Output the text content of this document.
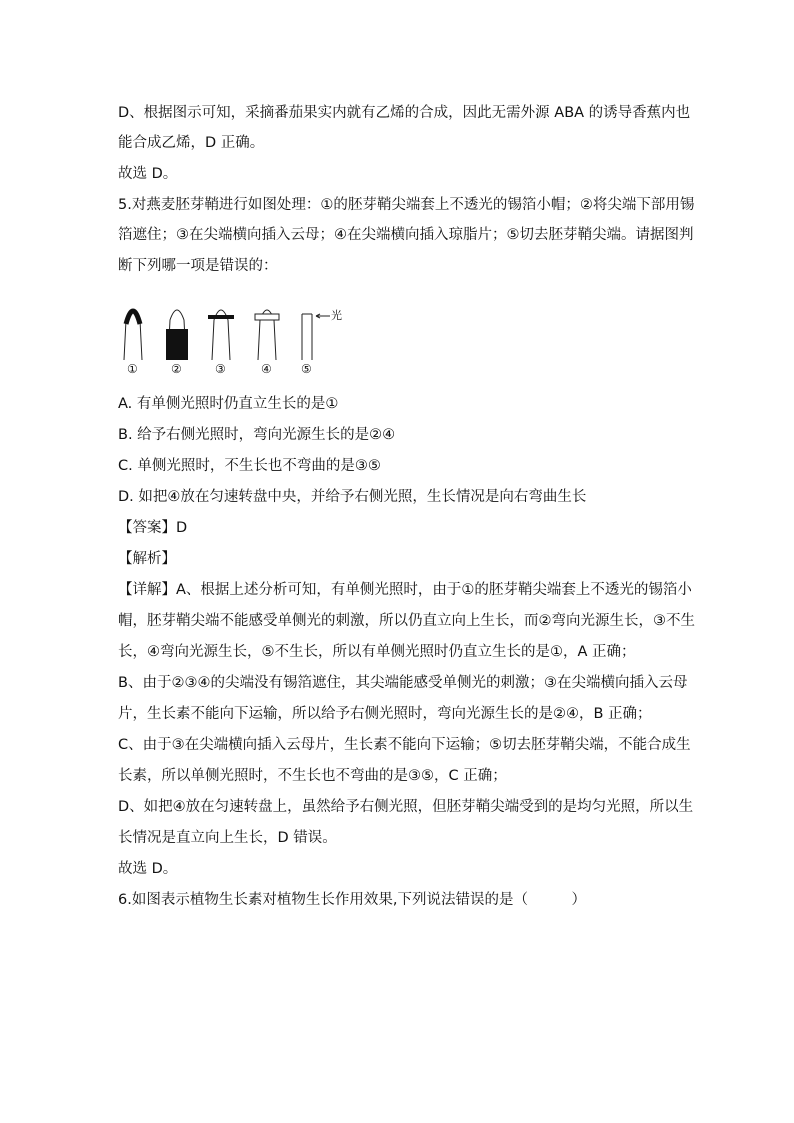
D、根据图示可知，采摘番茄果实内就有乙烯的合成，因此无需外源 ABA 的诱导香蕉内也
能合成乙烯，D 正确。
故选 D。
5.对燕麦胚芽鞘进行如图处理：①的胚芽鞘尖端套上不透光的锡箔小帽；②将尖端下部用锡
箔遮住；③在尖端横向插入云母；④在尖端横向插入琼脂片；⑤切去胚芽鞘尖端。请据图判
断下列哪一项是错误的：
①	②	③	④ ⑤
光
A. 有单侧光照时仍直立生长的是①
B. 给予右侧光照时，弯向光源生长的是②④
C. 单侧光照时，不生长也不弯曲的是③⑤
D. 如把④放在匀速转盘中央，并给予右侧光照，生长情况是向右弯曲生长
【答案】D
【解析】
【详解】A、根据上述分析可知，有单侧光照时，由于①的胚芽鞘尖端套上不透光的锡箔小
帽，胚芽鞘尖端不能感受单侧光的刺激，所以仍直立向上生长，而②弯向光源生长，③不生
长，④弯向光源生长，⑤不生长，所以有单侧光照时仍直立生长的是①，A 正确；
B、由于②③④的尖端没有锡箔遮住，其尖端能感受单侧光的刺激；③在尖端横向插入云母
片，生长素不能向下运输，所以给予右侧光照时，弯向光源生长的是②④，B 正确；
C、由于③在尖端横向插入云母片，生长素不能向下运输；⑤切去胚芽鞘尖端，不能合成生
长素，所以单侧光照时，不生长也不弯曲的是③⑤，C 正确；
D、如把④放在匀速转盘上，虽然给予右侧光照，但胚芽鞘尖端受到的是均匀光照，所以生
长情况是直立向上生长，D 错误。
故选 D。
6.如图表示植物生长素对植物生长作用效果,下列说法错误的是（　　　）
